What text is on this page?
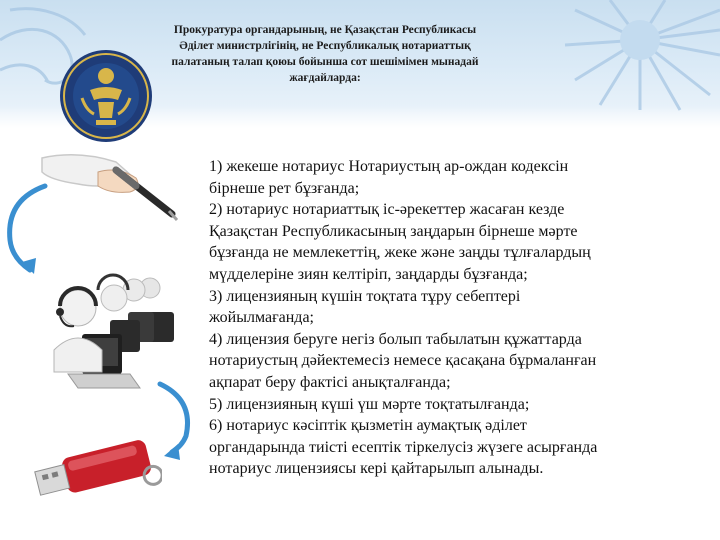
Прокуратура органдарының, не Қазақстан Республикасы
Әділет министрлігінің, не Республикалық нотариаттық
палатаның талап қоюы бойынша сот шешімімен мынадай
жағдайларда:
1) жекеше нотариус Нотариустың ар-ождан кодексін
бірнеше рет бұзғанда;
2) нотариус нотариаттық іс-әрекеттер жасаған кезде
Қазақстан Республикасының заңдарын бірнеше мәрте
бұзғанда не мемлекеттің, жеке және заңды тұлғалардың
мүдделеріне зиян келтіріп, заңдарды бұзғанда;
3) лицензияның күшін тоқтата тұру себептері
жойылмағанда;
4) лицензия беруге негіз болып табылатын құжаттарда
нотариустың дәйектемесіз немесе қасақана бұрмаланған
ақпарат беру фактісі анықталғанда;
5) лицензияның күші үш мәрте тоқтатылғанда;
6) нотариус кәсіптік қызметін аумақтық әділет
органдарында тиісті есептік тіркелусіз жүзеге асырғанда
нотариус лицензиясы кері қайтарылып алынады.
